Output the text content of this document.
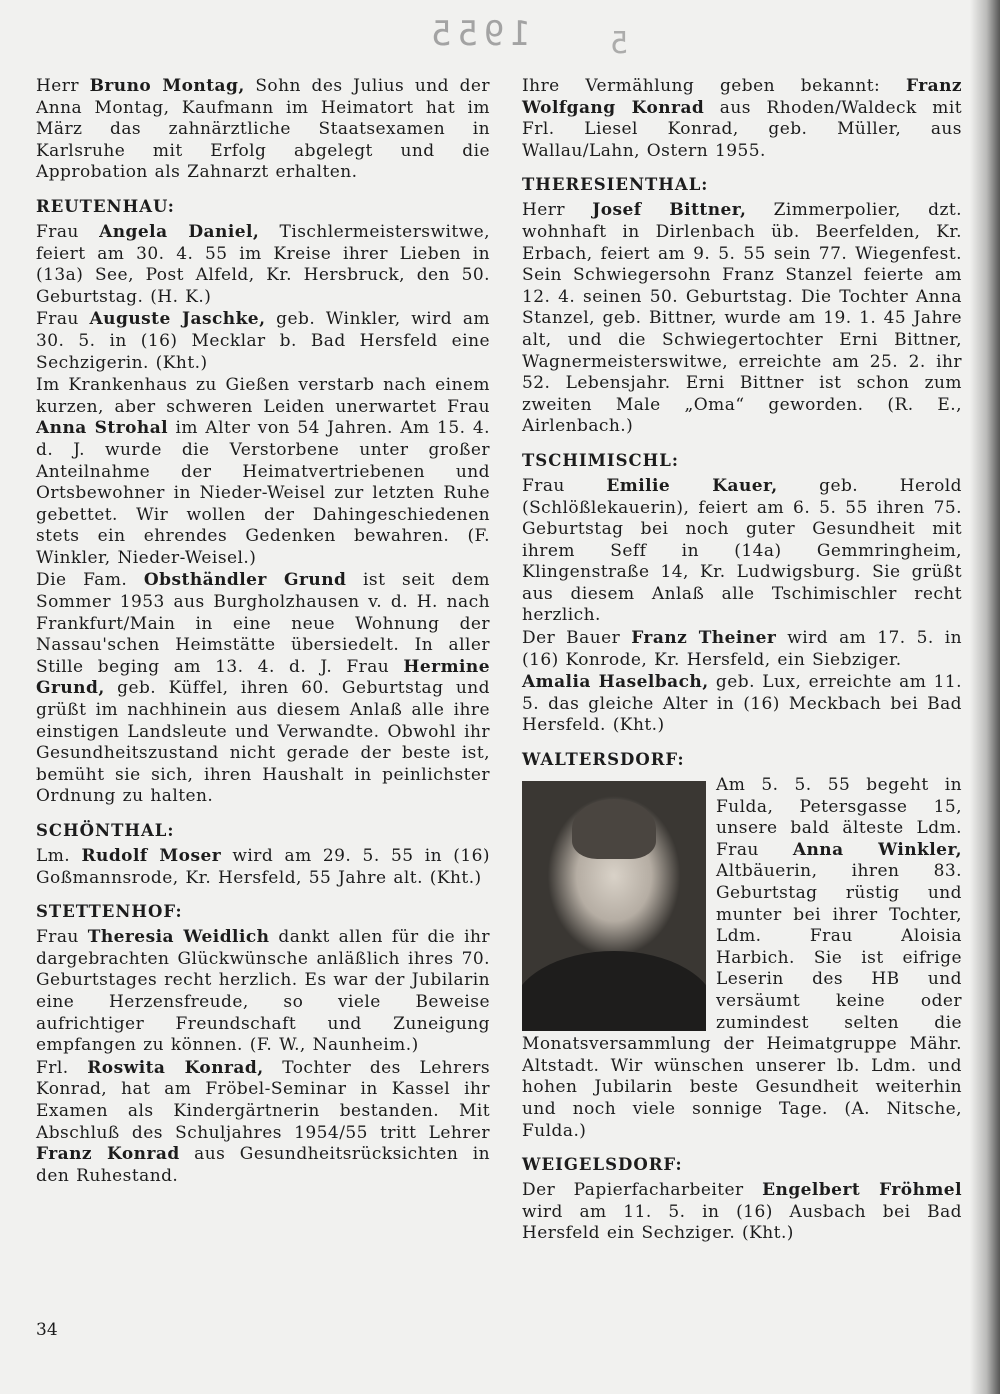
1955	5

Herr Bruno Montag, Sohn des Julius und der Anna Montag, Kaufmann im Heimatort hat im März das zahnärztliche Staatsexamen in Karlsruhe mit Erfolg abgelegt und die Approbation als Zahnarzt erhalten.

REUTENHAU:

Frau Angela Daniel, Tischlermeisterswitwe, feiert am 30. 4. 55 im Kreise ihrer Lieben in (13a) See, Post Alfeld, Kr. Hersbruck, den 50. Geburtstag. (H. K.)

Frau Auguste Jaschke, geb. Winkler, wird am 30. 5. in (16) Mecklar b. Bad Hersfeld eine Sechzigerin. (Kht.)

Im Krankenhaus zu Gießen verstarb nach einem kurzen, aber schweren Leiden unerwartet Frau Anna Strohal im Alter von 54 Jahren. Am 15. 4. d. J. wurde die Verstorbene unter großer Anteilnahme der Heimatvertriebenen und Ortsbewohner in Nieder-Weisel zur letzten Ruhe gebettet. Wir wollen der Dahingeschiedenen stets ein ehrendes Gedenken bewahren. (F. Winkler, Nieder-Weisel.)

Die Fam. Obsthändler Grund ist seit dem Sommer 1953 aus Burgholzhausen v. d. H. nach Frankfurt/Main in eine neue Wohnung der Nassau'schen Heimstätte übersiedelt. In aller Stille beging am 13. 4. d. J. Frau Hermine Grund, geb. Küffel, ihren 60. Geburtstag und grüßt im nachhinein aus diesem Anlaß alle ihre einstigen Landsleute und Verwandte. Obwohl ihr Gesundheitszustand nicht gerade der beste ist, bemüht sie sich, ihren Haushalt in peinlichster Ordnung zu halten.

SCHÖNTHAL:

Lm. Rudolf Moser wird am 29. 5. 55 in (16) Goßmannsrode, Kr. Hersfeld, 55 Jahre alt. (Kht.)

STETTENHOF:

Frau Theresia Weidlich dankt allen für die ihr dargebrachten Glückwünsche anläßlich ihres 70. Geburtstages recht herzlich. Es war der Jubilarin eine Herzensfreude, so viele Beweise aufrichtiger Freundschaft und Zuneigung empfangen zu können. (F. W., Naunheim.)

Frl. Roswita Konrad, Tochter des Lehrers Konrad, hat am Fröbel-Seminar in Kassel ihr Examen als Kindergärtnerin bestanden. Mit Abschluß des Schuljahres 1954/55 tritt Lehrer Franz Konrad aus Gesundheitsrücksichten in den Ruhestand.

Ihre Vermählung geben bekannt: Franz Wolfgang Konrad aus Rhoden/Waldeck mit Frl. Liesel Konrad, geb. Müller, aus Wallau/Lahn, Ostern 1955.

THERESIENTHAL:

Herr Josef Bittner, Zimmerpolier, dzt. wohnhaft in Dirlenbach üb. Beerfelden, Kr. Erbach, feiert am 9. 5. 55 sein 77. Wiegenfest. Sein Schwiegersohn Franz Stanzel feierte am 12. 4. seinen 50. Geburtstag. Die Tochter Anna Stanzel, geb. Bittner, wurde am 19. 1. 45 Jahre alt, und die Schwiegertochter Erni Bittner, Wagnermeisterswitwe, erreichte am 25. 2. ihr 52. Lebensjahr. Erni Bittner ist schon zum zweiten Male „Oma“ geworden. (R. E., Airlenbach.)

TSCHIMISCHL:

Frau Emilie Kauer, geb. Herold (Schlößlekauerin), feiert am 6. 5. 55 ihren 75. Geburtstag bei noch guter Gesundheit mit ihrem Seff in (14a) Gemmringheim, Klingenstraße 14, Kr. Ludwigsburg. Sie grüßt aus diesem Anlaß alle Tschimischler recht herzlich.

Der Bauer Franz Theiner wird am 17. 5. in (16) Konrode, Kr. Hersfeld, ein Siebziger.

Amalia Haselbach, geb. Lux, erreichte am 11. 5. das gleiche Alter in (16) Meckbach bei Bad Hersfeld. (Kht.)

WALTERSDORF:

Am 5. 5. 55 begeht in Fulda, Petersgasse 15, unsere bald älteste Ldm. Frau Anna Winkler, Altbäuerin, ihren 83. Geburtstag rüstig und munter bei ihrer Tochter, Ldm. Frau Aloisia Harbich. Sie ist eifrige Leserin des HB und versäumt keine oder zumindest selten die Monatsversammlung der Heimatgruppe Mähr. Altstadt. Wir wünschen unserer lb. Ldm. und hohen Jubilarin beste Gesundheit weiterhin und noch viele sonnige Tage. (A. Nitsche, Fulda.)

WEIGELSDORF:

Der Papierfacharbeiter Engelbert Fröhmel wird am 11. 5. in (16) Ausbach bei Bad Hersfeld ein Sechziger. (Kht.)

34
